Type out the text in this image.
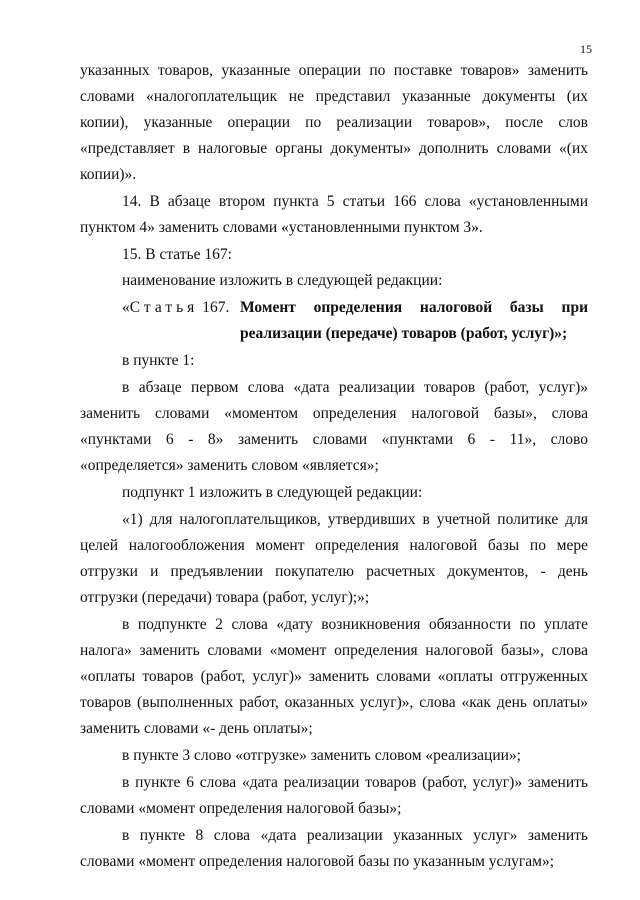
15

указанных товаров, указанные операции по поставке товаров» заменить словами «налогоплательщик не представил указанные документы (их копии), указанные операции по реализации товаров», после слов «представляет в налоговые органы документы» дополнить словами «(их копии)».

14. В абзаце втором пункта 5 статьи 166 слова «установленными пунктом 4» заменить словами «установленными пунктом 3».

15. В статье 167:

наименование изложить в следующей редакции:

«Статья 167. Момент определения налоговой базы при реализации (передаче) товаров (работ, услуг)»;

в пункте 1:

в абзаце первом слова «дата реализации товаров (работ, услуг)» заменить словами «моментом определения налоговой базы», слова «пунктами 6 - 8» заменить словами «пунктами 6 - 11», слово «определяется» заменить словом «является»;

подпункт 1 изложить в следующей редакции:

«1) для налогоплательщиков, утвердивших в учетной политике для целей налогообложения момент определения налоговой базы по мере отгрузки и предъявлении покупателю расчетных документов, - день отгрузки (передачи) товара (работ, услуг);»;

в подпункте 2 слова «дату возникновения обязанности по уплате налога» заменить словами «момент определения налоговой базы», слова «оплаты товаров (работ, услуг)» заменить словами «оплаты отгруженных товаров (выполненных работ, оказанных услуг)», слова «как день оплаты» заменить словами «- день оплаты»;

в пункте 3 слово «отгрузке» заменить словом «реализации»;

в пункте 6 слова «дата реализации товаров (работ, услуг)» заменить словами «момент определения налоговой базы»;

в пункте 8 слова «дата реализации указанных услуг» заменить словами «момент определения налоговой базы по указанным услугам»;
